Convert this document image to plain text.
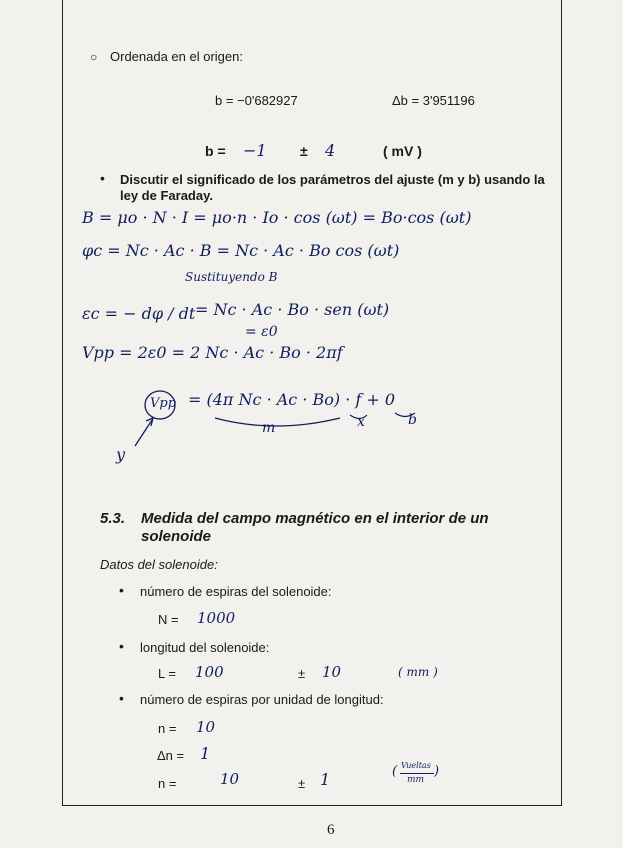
○ Ordenada en el origen:
b = −0'682927	Δb = 3'951196
b = −1 ± 4	( mV )
• Discutir el significado de los parámetros del ajuste (m y b) usando la
ley de Faraday.
B = μo · N · I = μo·n · Io · cos (ωt) = Bo·cos (ωt)
φc = Nc · Ac · B = Nc · Ac · Bo cos (ωt)
Sustituyendo B
εc = − dφ / dt = Nc · Ac · Bo · sen (ωt)
= ε0
Vpp = 2ε0 = 2 Nc · Ac · Bo · 2πf
Vpp = (4π Nc · Ac · Bo) · f + 0
m	x	b
y
5.3. Medida del campo magnético en el interior de un
solenoide
Datos del solenoide:
• número de espiras del solenoide:
N = 1000
• longitud del solenoide:
L = 100	± 10	( mm )
• número de espiras por unidad de longitud:
n = 10
Δn = 1
n =	10	± 1	( Vueltas
mm
)
6
